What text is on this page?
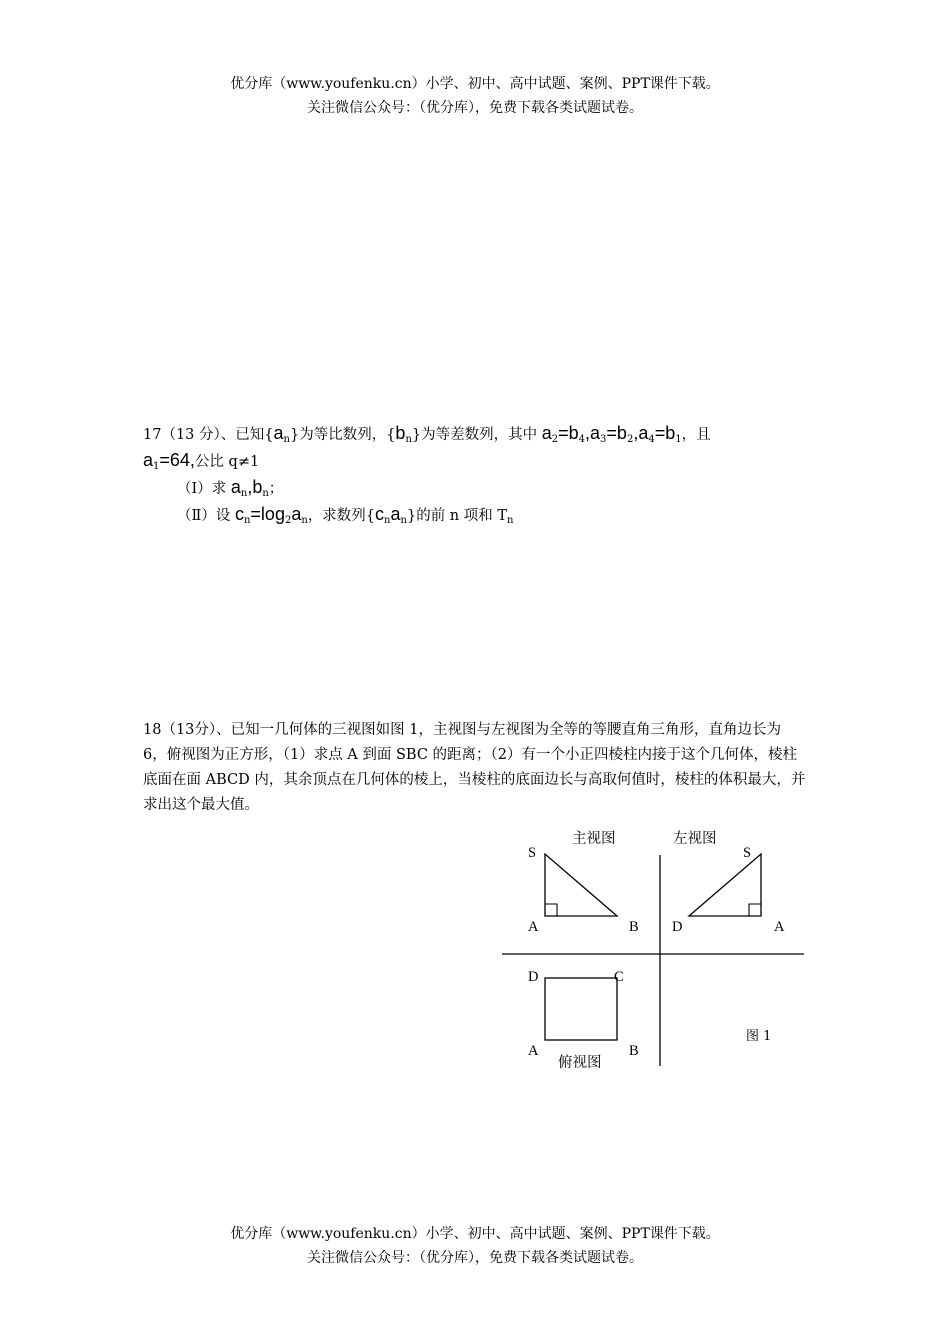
优分库（www.youfenku.cn）小学、初中、高中试题、案例、PPT课件下载。
关注微信公众号：（优分库），免费下载各类试题试卷。

17（13 分）、已知$\{a_n\}$为等比数列，$\{b_n\}$为等差数列，其中 $a_2=b_4,a_3=b_2,a_4=b_1$，且
$a_1=64$,公比 q≠1

（Ⅰ）求 $a_n,b_n$；

（Ⅱ）设 $c_n=\log_2a_n$，求数列$\{c_na_n\}$的前 n 项和 $T_n$

18（13分）、已知一几何体的三视图如图 1，主视图与左视图为全等的等腰直角三角形，直角边长为 6，俯视图为正方形，（1）求点 A 到面 SBC 的距离；（2）有一个小正四棱柱内接于这个几何体，棱柱底面在面 ABCD 内，其余顶点在几何体的棱上，当棱柱的底面边长与高取何值时，棱柱的体积最大，并求出这个最大值。

主视图	左视图
S
A	B
S
D	A
D	C
A	B
俯视图
图 1
优分库（www.youfenku.cn）小学、初中、高中试题、案例、PPT课件下载。
关注微信公众号：（优分库），免费下载各类试题试卷。
